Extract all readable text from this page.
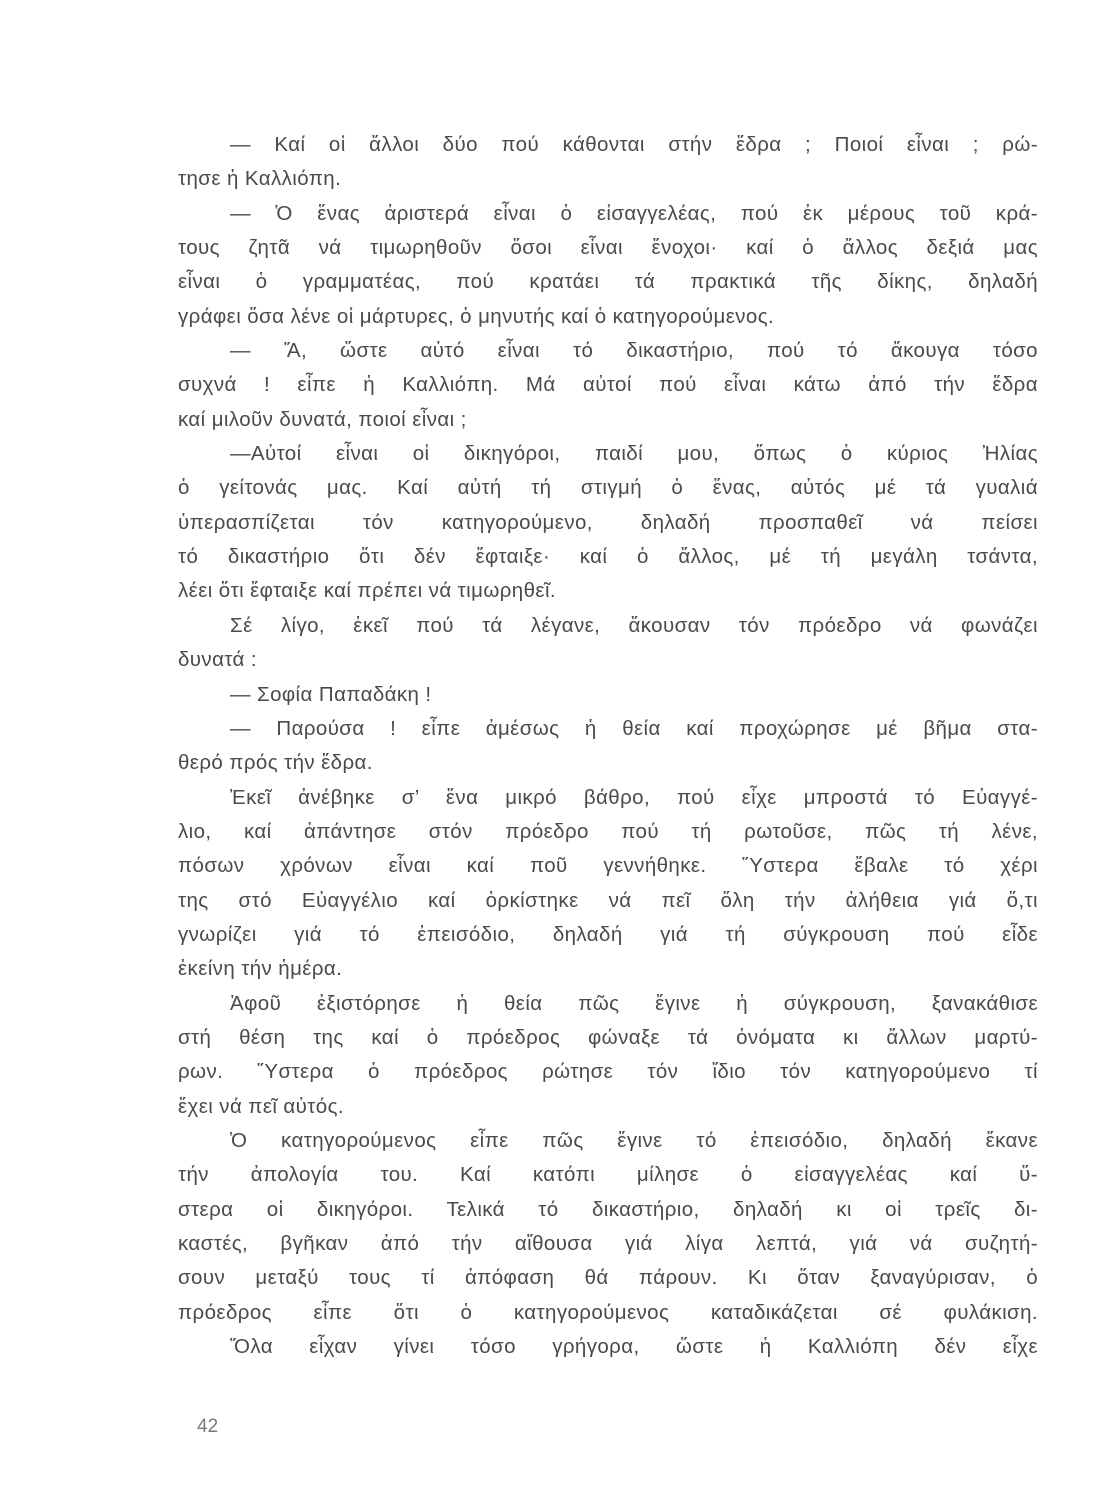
— Καί οἱ ἄλλοι δύο πού κάθονται στήν ἕδρα ; Ποιοί εἶναι ; ρώ-
τησε ἡ Καλλιόπη.
— Ὁ ἕνας ἀριστερά εἶναι ὁ εἰσαγγελέας, πού ἐκ μέρους τοῦ κρά-
τους ζητᾶ νά τιμωρηθοῦν ὅσοι εἶναι ἔνοχοι· καί ὁ ἄλλος δεξιά μας
εἶναι ὁ γραμματέας, πού κρατάει τά πρακτικά τῆς δίκης, δηλαδή
γράφει ὅσα λένε οἱ μάρτυρες, ὁ μηνυτής καί ὁ κατηγορούμενος.
— Ἄ, ὥστε αὐτό εἶναι τό δικαστήριο, πού τό ἄκουγα τόσο
συχνά ! εἶπε ἡ Καλλιόπη. Μά αὐτοί πού εἶναι κάτω ἀπό τήν ἕδρα
καί μιλοῦν δυνατά, ποιοί εἶναι ;
—Αὐτοί εἶναι οἱ δικηγόροι, παιδί μου, ὅπως ὁ κύριος Ἠλίας
ὁ γείτονάς μας. Καί αὐτή τή στιγμή ὁ ἕνας, αὐτός μέ τά γυαλιά
ὑπερασπίζεται τόν κατηγορούμενο, δηλαδή προσπαθεῖ νά πείσει
τό δικαστήριο ὅτι δέν ἔφταιξε· καί ὁ ἄλλος, μέ τή μεγάλη τσάντα,
λέει ὅτι ἔφταιξε καί πρέπει νά τιμωρηθεῖ.
Σέ λίγο, ἐκεῖ πού τά λέγανε, ἄκουσαν τόν πρόεδρο νά φωνάζει
δυνατά :
— Σοφία Παπαδάκη !
— Παρούσα ! εἶπε ἀμέσως ἡ θεία καί προχώρησε μέ βῆμα στα-
θερό πρός τήν ἕδρα.
Ἐκεῖ ἀνέβηκε σ’ ἕνα μικρό βάθρο, πού εἶχε μπροστά τό Εὐαγγέ-
λιο, καί ἀπάντησε στόν πρόεδρο πού τή ρωτοῦσε, πῶς τή λένε,
πόσων χρόνων εἶναι καί ποῦ γεννήθηκε. Ὕστερα ἔβαλε τό χέρι
της στό Εὐαγγέλιο καί ὁρκίστηκε νά πεῖ ὅλη τήν ἀλήθεια γιά ὅ,τι
γνωρίζει γιά τό ἐπεισόδιο, δηλαδή γιά τή σύγκρουση πού εἶδε
ἐκείνη τήν ἡμέρα.
Ἀφοῦ ἐξιστόρησε ἡ θεία πῶς ἔγινε ἡ σύγκρουση, ξανακάθισε
στή θέση της καί ὁ πρόεδρος φώναξε τά ὀνόματα κι ἄλλων μαρτύ-
ρων. Ὕστερα ὁ πρόεδρος ρώτησε τόν ἴδιο τόν κατηγορούμενο τί
ἔχει νά πεῖ αὐτός.
Ὁ κατηγορούμενος εἶπε πῶς ἔγινε τό ἐπεισόδιο, δηλαδή ἔκανε
τήν ἀπολογία του. Καί κατόπι μίλησε ὁ εἰσαγγελέας καί ὕ-
στερα οἱ δικηγόροι. Τελικά τό δικαστήριο, δηλαδή κι οἱ τρεῖς δι-
καστές, βγῆκαν ἀπό τήν αἴθουσα γιά λίγα λεπτά, γιά νά συζητή-
σουν μεταξύ τους τί ἀπόφαση θά πάρουν. Κι ὅταν ξαναγύρισαν, ὁ
πρόεδρος εἶπε ὅτι ὁ κατηγορούμενος καταδικάζεται σέ φυλάκιση.
Ὅλα εἶχαν γίνει τόσο γρήγορα, ὥστε ἡ Καλλιόπη δέν εἶχε
42
